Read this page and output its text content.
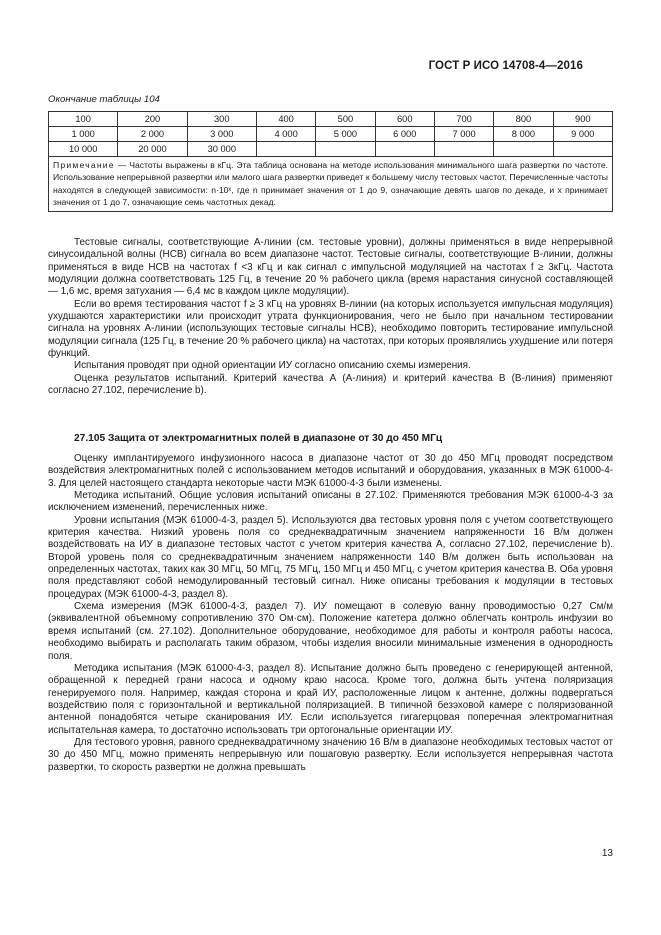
ГОСТ Р ИСО 14708-4—2016
Окончание таблицы 104
100	200	300	400	500	600	700	800	900
1 000	2 000	3 000	4 000	5 000	6 000	7 000	8 000	9 000
10 000	20 000	30 000						
Примечание — Частоты выражены в кГц. Эта таблица основана на методе использования минимального шага развертки по частоте. Использование непрерывной развертки или малого шага развертки приведет к большему числу тестовых частот. Перечисленные частоты находятся в следующей зависимости: n·10ˣ, где n принимает значения от 1 до 9, означающие девять шагов по декаде, и x принимает значения от 1 до 7, означающие семь частотных декад.								

Тестовые сигналы, соответствующие А-линии (см. тестовые уровни), должны применяться в виде непрерывной синусоидальной волны (НСВ) сигнала во всем диапазоне частот. Тестовые сигналы, соответствующие В-линии, должны применяться в виде НСВ на частотах f <3 кГц и как сигнал с импульсной модуляцией на частотах f ≥ 3кГц. Частота модуляции должна соответствовать 125 Гц, в течение 20 % рабочего цикла (время нарастания синусной составляющей — 1,6 мс, время затухания — 6,4 мс в каждом цикле модуляции).

Если во время тестирования частот f ≥ 3 кГц на уровнях В-линии (на которых используется импульсная модуляция) ухудшаются характеристики или происходит утрата функционирования, чего не было при начальном тестировании сигнала на уровнях А-линии (использующих тестовые сигналы НСВ), необходимо повторить тестирование импульсной модуляции сигнала (125 Гц, в течение 20 % рабочего цикла) на частотах, при которых проявлялись ухудшение или потеря функций.

Испытания проводят при одной ориентации ИУ согласно описанию схемы измерения.

Оценка результатов испытаний. Критерий качества А (А-линия) и критерий качества В (В-линия) применяют согласно 27.102, перечисление b).

27.105 Защита от электромагнитных полей в диапазоне от 30 до 450 МГц

Оценку имплантируемого инфузионного насоса в диапазоне частот от 30 до 450 МГц проводят посредством воздействия электромагнитных полей с использованием методов испытаний и оборудования, указанных в МЭК 61000-4-3. Для целей настоящего стандарта некоторые части МЭК 61000-4-3 были изменены.

Методика испытаний. Общие условия испытаний описаны в 27.102. Применяются требования МЭК 61000-4-3 за исключением изменений, перечисленных ниже.

Уровни испытания (МЭК 61000-4-3, раздел 5). Используются два тестовых уровня поля с учетом соответствующего критерия качества. Низкий уровень поля со среднеквадратичным значением напряженности 16 В/м должен воздействовать на ИУ в диапазоне тестовых частот с учетом критерия качества А, согласно 27.102, перечисление b). Второй уровень поля со среднеквадратичным значением напряженности 140 В/м должен быть использован на определенных частотах, таких как 30 МГц, 50 МГц, 75 МГц, 150 МГц и 450 МГц, с учетом критерия качества В. Оба уровня поля представляют собой немодулированный тестовый сигнал. Ниже описаны требования к модуляции в тестовых процедурах (МЭК 61000-4-3, раздел 8).

Схема измерения (МЭК 61000-4-3, раздел 7). ИУ помещают в солевую ванну проводимостью 0,27 См/м (эквивалентной объемному сопротивлению 370 Ом·см). Положение катетера должно облегчать контроль инфузии во время испытаний (см. 27.102). Дополнительное оборудование, необходимое для работы и контроля работы насоса, необходимо выбирать и располагать таким образом, чтобы изделия вносили минимальные изменения в однородность поля.

Методика испытания (МЭК 61000-4-3, раздел 8). Испытание должно быть проведено с генерирующей антенной, обращенной к передней грани насоса и одному краю насоса. Кроме того, должна быть учтена поляризация генерируемого поля. Например, каждая сторона и край ИУ, расположенные лицом к антенне, должны подвергаться воздействию поля с горизонтальной и вертикальной поляризацией. В типичной безэховой камере с поляризованной антенной понадобятся четыре сканирования ИУ. Если используется гигагерцовая поперечная электромагнитная испытательная камера, то достаточно использовать три ортогональные ориентации ИУ.

Для тестового уровня, равного среднеквадратичному значению 16 В/м в диапазоне необходимых тестовых частот от 30 до 450 МГц, можно применять непрерывную или пошаговую развертку. Если используется непрерывная частота развертки, то скорость развертки не должна превышать

13
